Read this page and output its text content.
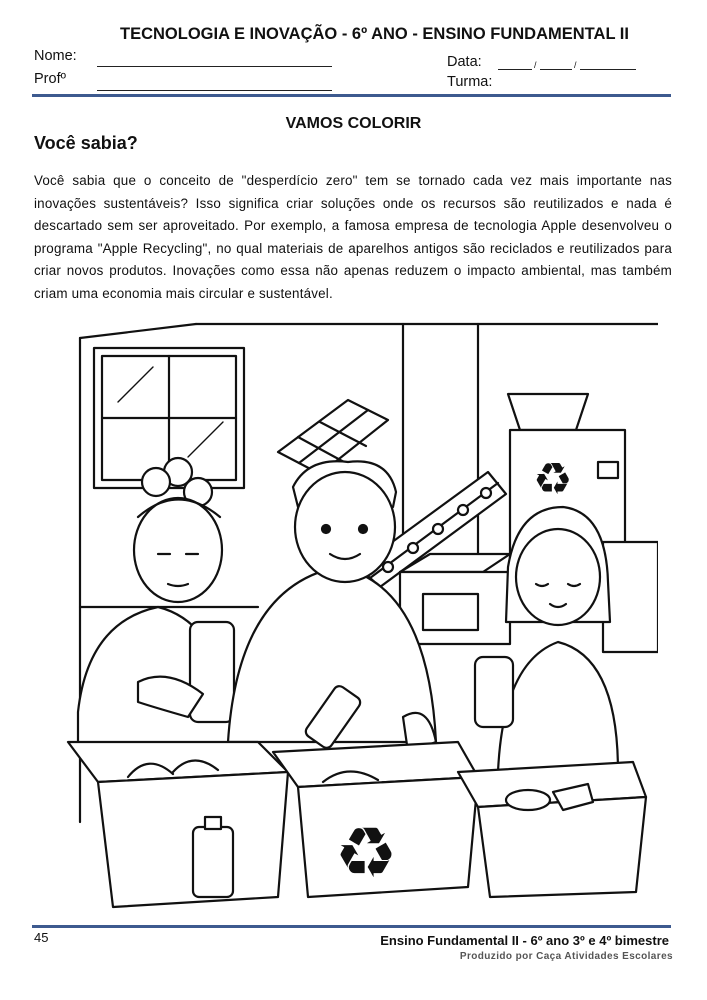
TECNOLOGIA E INOVAÇÃO - 6º ANO - ENSINO FUNDAMENTAL II
Nome:
Profº
Data:	/	/
Turma:
VAMOS COLORIR
Você sabia?
Você sabia que o conceito de "desperdício zero" tem se tornado cada vez mais importante nas inovações sustentáveis? Isso significa criar soluções onde os recursos são reutilizados e nada é descartado sem ser aproveitado. Por exemplo, a famosa empresa de tecnologia Apple desenvolveu o programa "Apple Recycling", no qual materiais de aparelhos antigos são reciclados e reutilizados para criar novos produtos. Inovações como essa não apenas reduzem o impacto ambiental, mas também criam uma economia mais circular e sustentável.
♻
♻
45	Ensino Fundamental II - 6º ano 3º e 4º bimestre
Produzido por Caça Atividades Escolares
